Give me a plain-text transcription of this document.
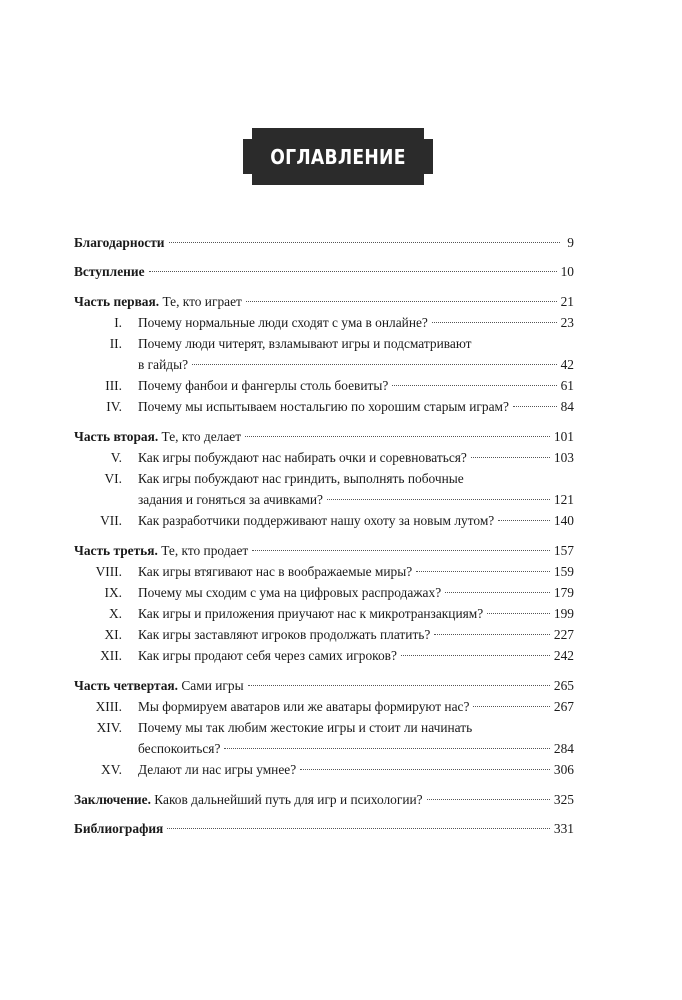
ОГЛАВЛЕНИЕ
Благодарности	9
Вступление	10
Часть первая. Те, кто играет	21
I. Почему нормальные люди сходят с ума в онлайне?	23
II. Почему люди читерят, взламывают игры и подсматривают
в гайды?	42
III. Почему фанбои и фангерлы столь боевиты?	61
IV. Почему мы испытываем ностальгию по хорошим старым играм?	84
Часть вторая. Те, кто делает	101
V. Как игры побуждают нас набирать очки и соревноваться?	103
VI. Как игры побуждают нас гриндить, выполнять побочные
задания и гоняться за ачивками?	121
VII. Как разработчики поддерживают нашу охоту за новым лутом?	140
Часть третья. Те, кто продает	157
VIII. Как игры втягивают нас в воображаемые миры?	159
IX. Почему мы сходим с ума на цифровых распродажах?	179
X. Как игры и приложения приучают нас к микротранзакциям?	199
XI. Как игры заставляют игроков продолжать платить?	227
XII. Как игры продают себя через самих игроков?	242
Часть четвертая. Сами игры	265
XIII. Мы формируем аватаров или же аватары формируют нас?	267
XIV. Почему мы так любим жестокие игры и стоит ли начинать
беспокоиться?	284
XV. Делают ли нас игры умнее?	306
Заключение. Каков дальнейший путь для игр и психологии?	325
Библиография	331
